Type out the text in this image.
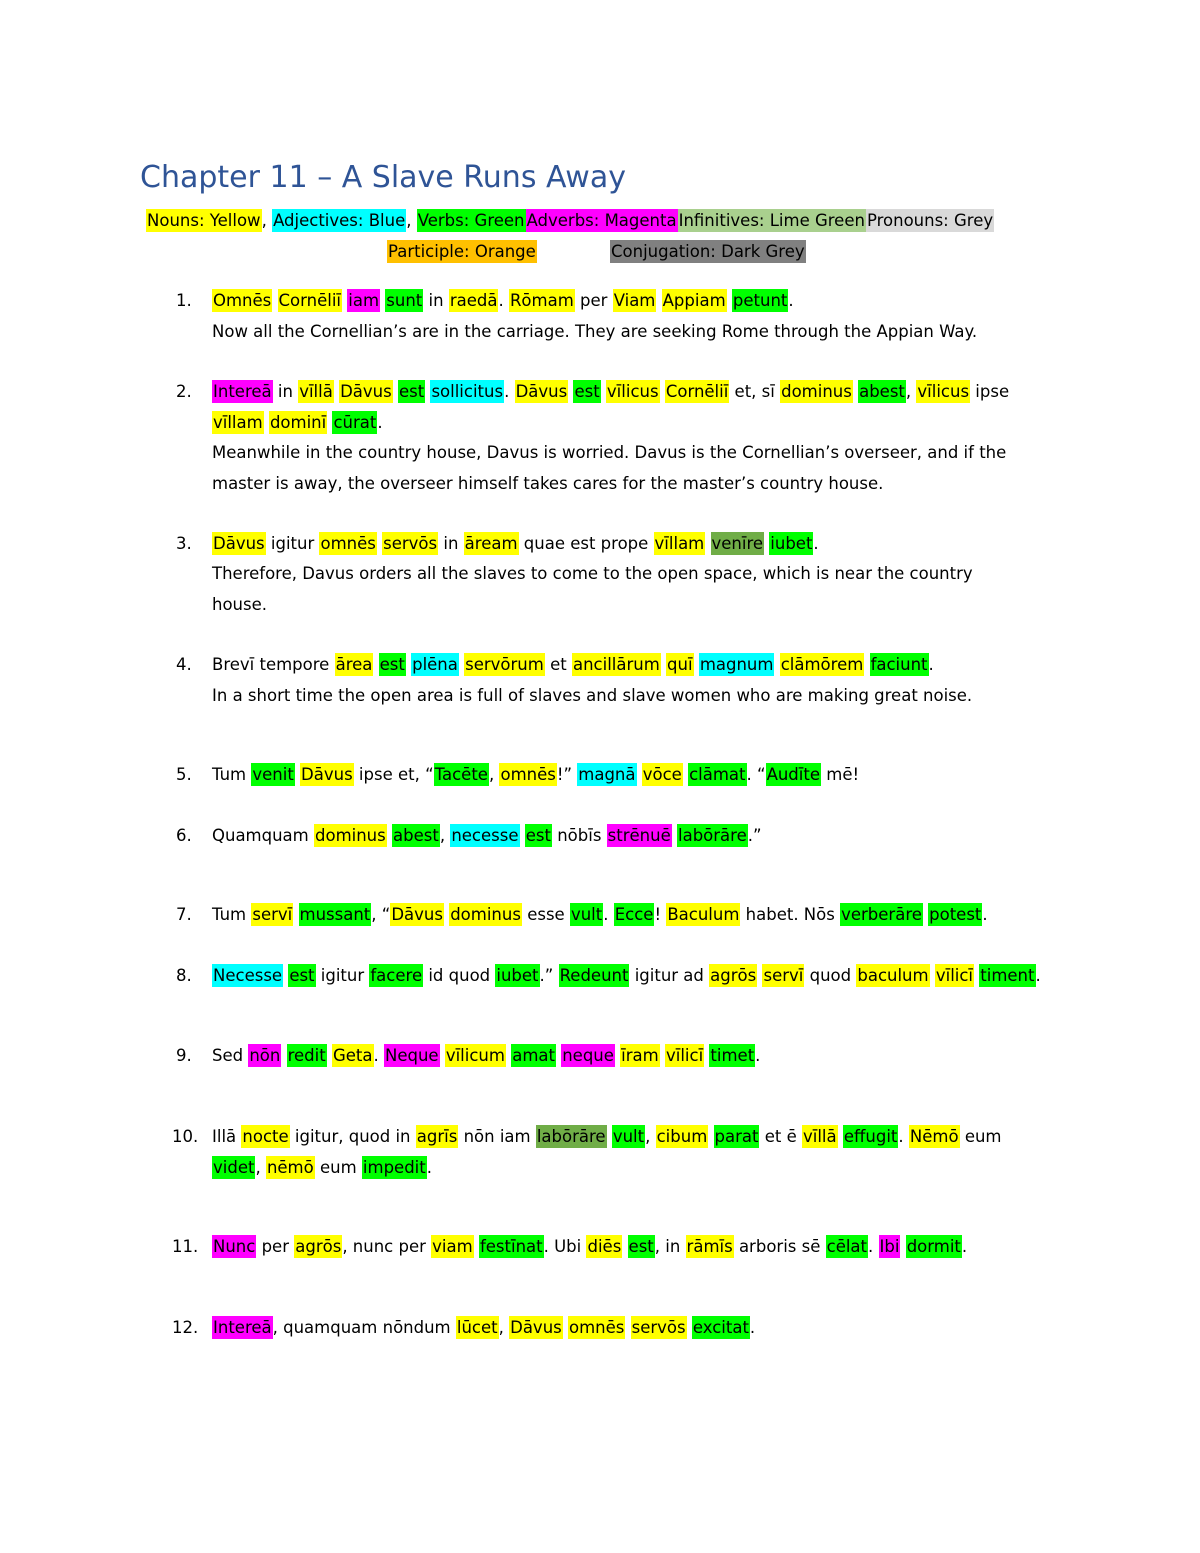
Chapter 11 – A Slave Runs Away
Nouns: Yellow, Adjectives: Blue, Verbs: Green Adverbs: Magenta Infinitives: Lime Green Pronouns: Grey
Participle: Orange	Conjugation: Dark Grey
1.	Omnēs Cornēliī iam sunt in raedā. Rōmam per Viam Appiam petunt.
Now all the Cornellian’s are in the carriage. They are seeking Rome through the Appian Way.
2.	Intereā in vīllā Dāvus est sollicitus. Dāvus est vīlicus Cornēliī et, sī dominus abest, vīlicus ipse
vīllam dominī cūrat.
Meanwhile in the country house, Davus is worried. Davus is the Cornellian’s overseer, and if the
master is away, the overseer himself takes cares for the master’s country house.
3.	Dāvus igitur omnēs servōs in āream quae est prope vīllam venīre iubet.
Therefore, Davus orders all the slaves to come to the open space, which is near the country
house.
4.	Brevī tempore ārea est plēna servōrum et ancillārum quī magnum clāmōrem faciunt.
In a short time the open area is full of slaves and slave women who are making great noise.
5.	Tum venit Dāvus ipse et, “Tacēte, omnēs!” magnā vōce clāmat. “Audīte mē!
6.	Quamquam dominus abest, necesse est nōbīs strēnuē labōrāre.”
7.	Tum servī mussant, “Dāvus dominus esse vult. Ecce! Baculum habet. Nōs verberāre potest.
8.	Necesse est igitur facere id quod iubet.” Redeunt igitur ad agrōs servī quod baculum vīlicī timent.
9.	Sed nōn redit Geta. Neque vīlicum amat neque īram vīlicī timet.
10. Illā nocte igitur, quod in agrīs nōn iam labōrāre vult, cibum parat et ē vīllā effugit. Nēmō eum
videt, nēmō eum impedit.
11. Nunc per agrōs, nunc per viam festīnat. Ubi diēs est, in rāmīs arboris sē cēlat. Ibi dormit.
12. Intereā, quamquam nōndum lūcet, Dāvus omnēs servōs excitat.
